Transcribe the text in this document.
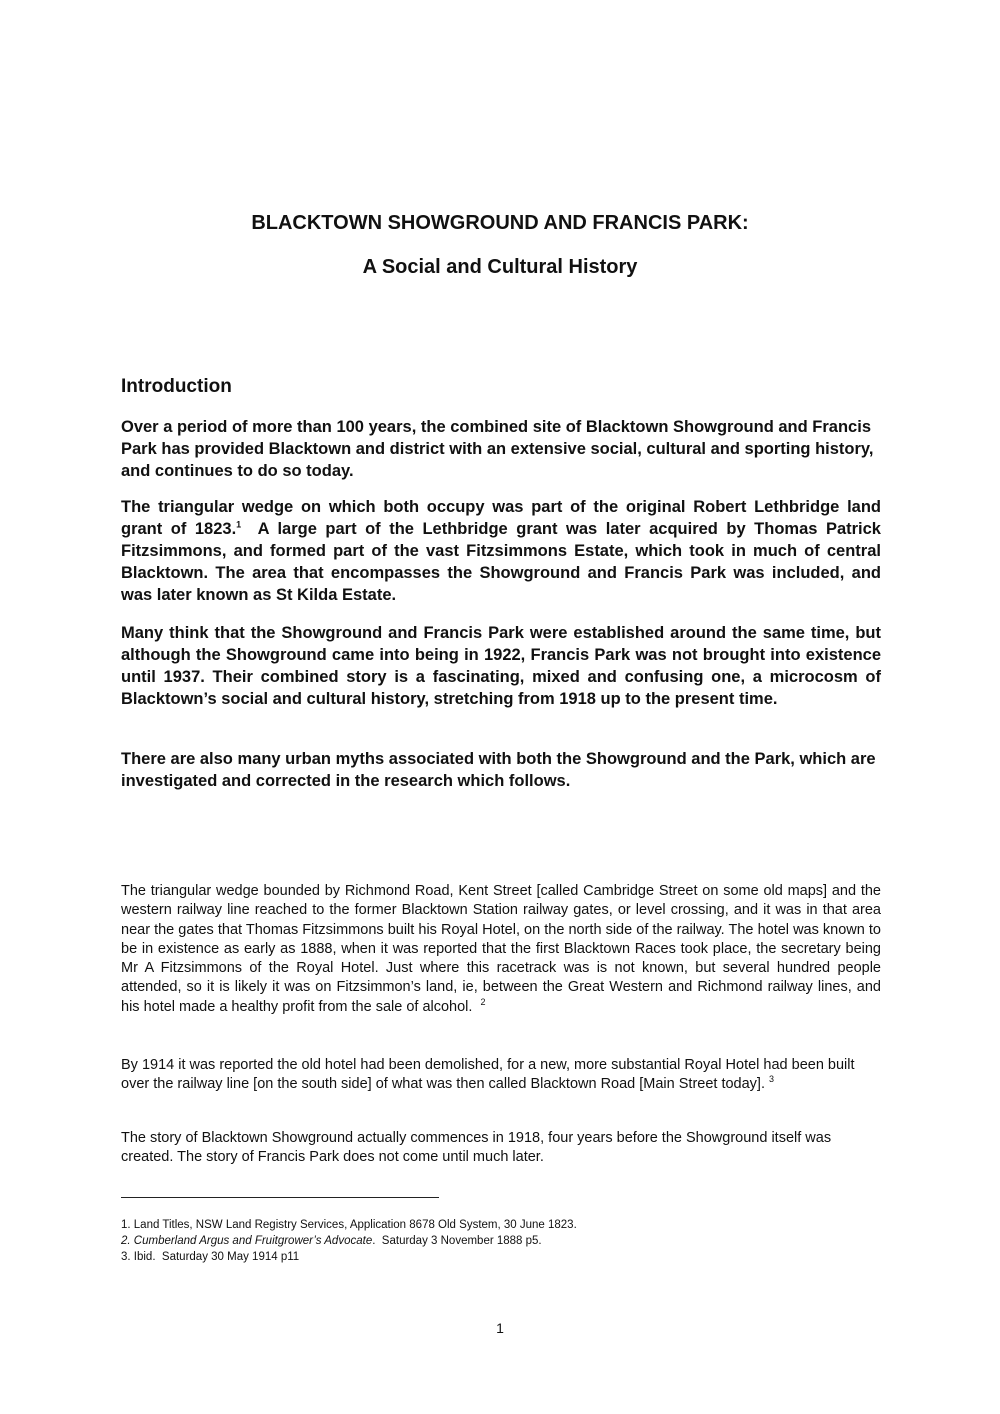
BLACKTOWN SHOWGROUND AND FRANCIS PARK:
A Social and Cultural History
Introduction

Over a period of more than 100 years, the combined site of Blacktown Showground and Francis Park has provided Blacktown and district with an extensive social, cultural and sporting history, and continues to do so today.

The triangular wedge on which both occupy was part of the original Robert Lethbridge land grant of 1823.$^1$  A large part of the Lethbridge grant was later acquired by Thomas Patrick Fitzsimmons, and formed part of the vast Fitzsimmons Estate, which took in much of central Blacktown. The area that encompasses the Showground and Francis Park was included, and was later known as St Kilda Estate.

Many think that the Showground and Francis Park were established around the same time, but although the Showground came into being in 1922, Francis Park was not brought into existence until 1937. Their combined story is a fascinating, mixed and confusing one, a microcosm of Blacktown’s social and cultural history, stretching from 1918 up to the present time.

There are also many urban myths associated with both the Showground and the Park, which are investigated and corrected in the research which follows.

The triangular wedge bounded by Richmond Road, Kent Street [called Cambridge Street on some old maps] and the western railway line reached to the former Blacktown Station railway gates, or level crossing, and it was in that area near the gates that Thomas Fitzsimmons built his Royal Hotel, on the north side of the railway. The hotel was known to be in existence as early as 1888, when it was reported that the first Blacktown Races took place, the secretary being Mr A Fitzsimmons of the Royal Hotel. Just where this racetrack was is not known, but several hundred people attended, so it is likely it was on Fitzsimmon’s land, ie, between the Great Western and Richmond railway lines, and his hotel made a healthy profit from the sale of alcohol. $^2$

By 1914 it was reported the old hotel had been demolished, for a new, more substantial Royal Hotel had been built over the railway line [on the south side] of what was then called Blacktown Road [Main Street today]. $^3$

The story of Blacktown Showground actually commences in 1918, four years before the Showground itself was created. The story of Francis Park does not come until much later.

1. Land Titles, NSW Land Registry Services, Application 8678 Old System, 30 June 1823.
2. Cumberland Argus and Fruitgrower’s Advocate.  Saturday 3 November 1888 p5.
3. Ibid.  Saturday 30 May 1914 p11
1
